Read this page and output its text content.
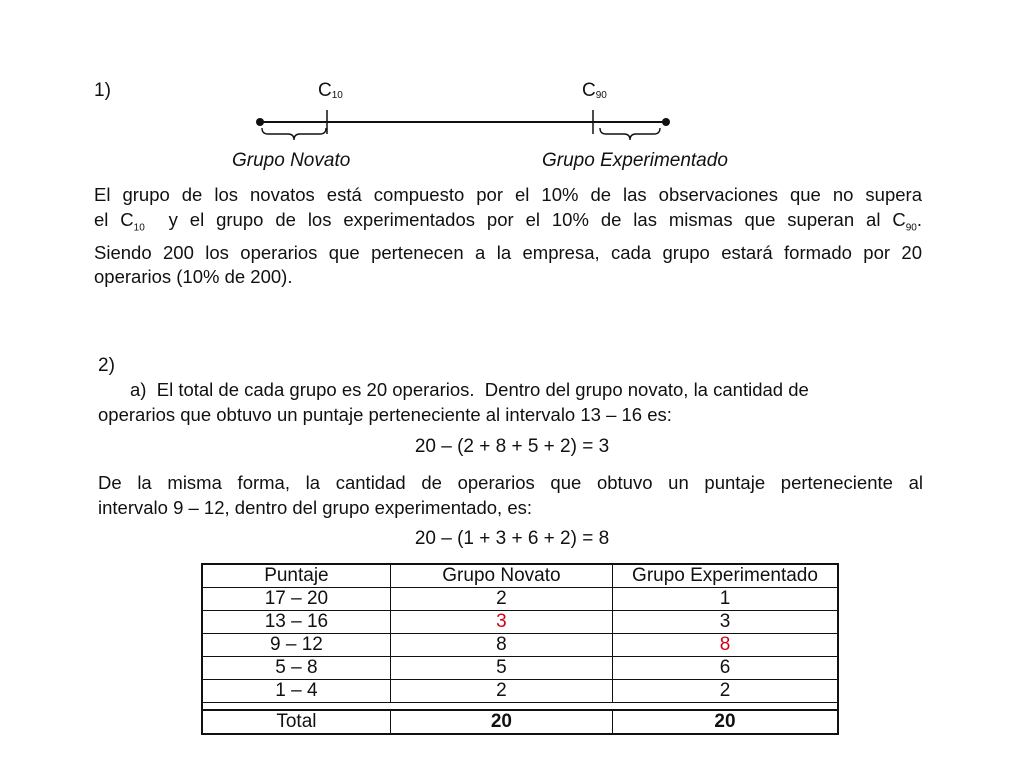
1)	$C_{10}$	$C_{90}$
Grupo Novato	Grupo Experimentado
El grupo de los novatos está compuesto por el 10% de las observaciones que no supera
el $C_{10}$  y el grupo de los experimentados por el 10% de las mismas que superan al $C_{90}$.
Siendo 200 los operarios que pertenecen a la empresa, cada grupo estará formado por 20
operarios (10% de 200).
2)
a)  El total de cada grupo es 20 operarios.  Dentro del grupo novato, la cantidad de
operarios que obtuvo un puntaje perteneciente al intervalo 13 – 16 es:
20 – (2 + 8 + 5 + 2) = 3
De la misma forma, la cantidad de operarios que obtuvo un puntaje perteneciente al
intervalo 9 – 12, dentro del grupo experimentado, es:
20 – (1 + 3 + 6 + 2) = 8
Puntaje	Grupo Novato	Grupo Experimentado
17 – 20	2	1
13 – 16	3	3
9 – 12	8	8
5 – 8	5	6
1 – 4	2	2

Total	20	20
